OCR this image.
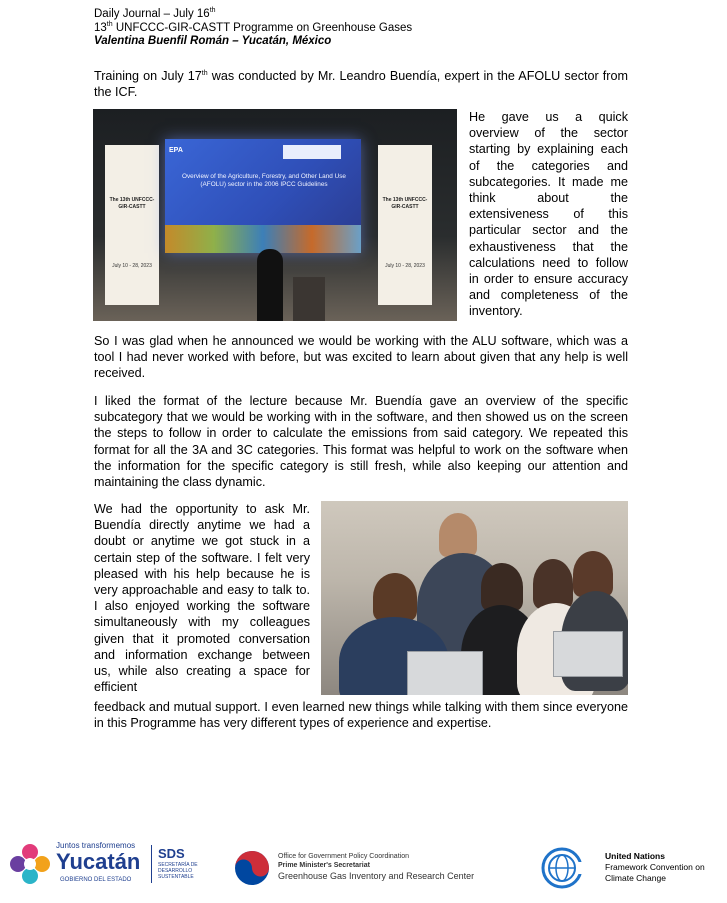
Daily Journal – July 16th
13th UNFCCC-GIR-CASTT Programme on Greenhouse Gases
Valentina Buenfil Román – Yucatán, México
Training on July 17th was conducted by Mr. Leandro Buendía, expert in the AFOLU sector from the ICF.
The 13th UNFCCC-GIR-CASTT
July 10 - 28, 2023
EPA
Overview of the Agriculture, Forestry, and Other Land Use (AFOLU) sector in the 2006 IPCC Guidelines
The 13th UNFCCC-GIR-CASTT
July 10 - 28, 2023
He gave us a quick overview of the sector starting by explaining each of the categories and subcategories. It made me think about the extensiveness of this particular sector and the exhaustiveness that the calculations need to follow in order to ensure accuracy and completeness of the inventory.
So I was glad when he announced we would be working with the ALU software, which was a tool I had never worked with before, but was excited to learn about given that any help is well received.
I liked the format of the lecture because Mr. Buendía gave an overview of the specific subcategory that we would be working with in the software, and then showed us on the screen the steps to follow in order to calculate the emissions from said category. We repeated this format for all the 3A and 3C categories. This format was helpful to work on the software when the information for the specific category is still fresh, while also keeping our attention and maintaining the class dynamic.
We had the opportunity to ask Mr. Buendía directly anytime we had a doubt or anytime we got stuck in a certain step of the software. I felt very pleased with his help because he is very approachable and easy to talk to. I also enjoyed working the software simultaneously with my colleagues given that it promoted conversation and information exchange between us, while also creating a space for efficient
feedback and mutual support. I even learned new things while talking with them since everyone in this Programme has very different types of experience and expertise.
Juntos transformemos
Yucatán
GOBIERNO DEL ESTADO
SDS
SECRETARÍA DE DESARROLLO SUSTENTABLE
Office for Government Policy Coordination
Prime Minister's Secretariat
Greenhouse Gas Inventory and Research Center
United Nations
Framework Convention on
Climate Change
